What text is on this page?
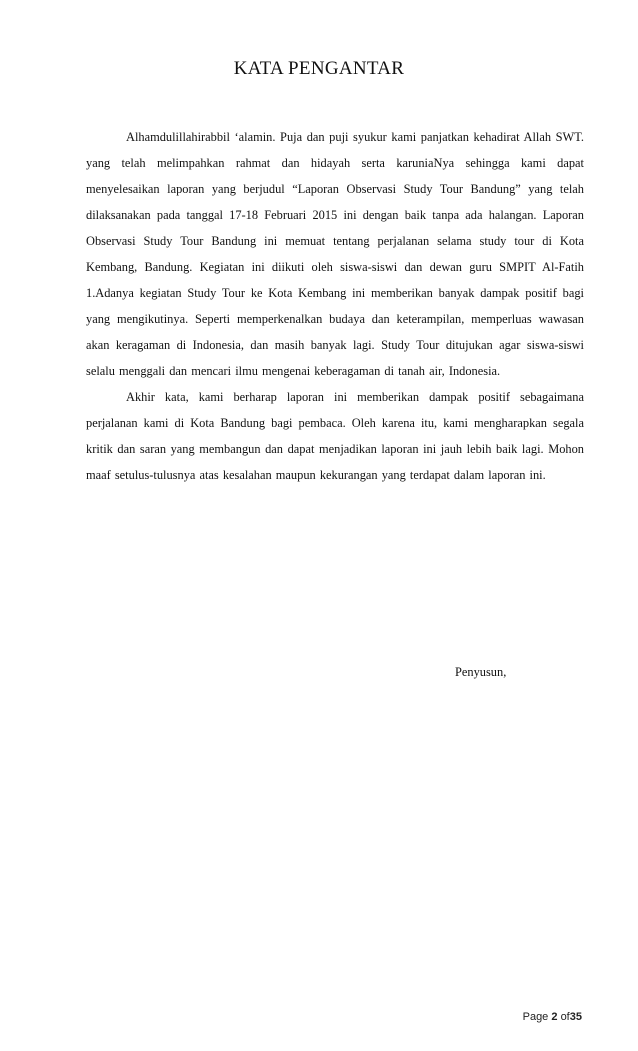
KATA PENGANTAR

Alhamdulillahirabbil ‘alamin. Puja dan puji syukur kami panjatkan kehadirat Allah SWT. yang telah melimpahkan rahmat dan hidayah serta karuniaNya sehingga kami dapat menyelesaikan laporan yang berjudul “Laporan Observasi Study Tour Bandung” yang telah dilaksanakan pada tanggal 17-18 Februari 2015 ini dengan baik tanpa ada halangan. Laporan Observasi Study Tour Bandung ini memuat tentang perjalanan selama study tour di Kota Kembang, Bandung. Kegiatan ini diikuti oleh siswa-siswi dan dewan guru SMPIT Al-Fatih 1.Adanya kegiatan Study Tour ke Kota Kembang ini memberikan banyak dampak positif bagi yang mengikutinya. Seperti memperkenalkan budaya dan keterampilan, memperluas wawasan akan keragaman di Indonesia, dan masih banyak lagi. Study Tour ditujukan agar siswa-siswi selalu menggali dan mencari ilmu mengenai keberagaman di tanah air, Indonesia.

Akhir kata, kami berharap laporan ini memberikan dampak positif sebagaimana perjalanan kami di Kota Bandung bagi pembaca. Oleh karena itu, kami mengharapkan segala kritik dan saran yang membangun dan dapat menjadikan laporan ini jauh lebih baik lagi. Mohon maaf setulus-tulusnya atas kesalahan maupun kekurangan yang terdapat dalam laporan ini.

Penyusun,
Page 2 of35
